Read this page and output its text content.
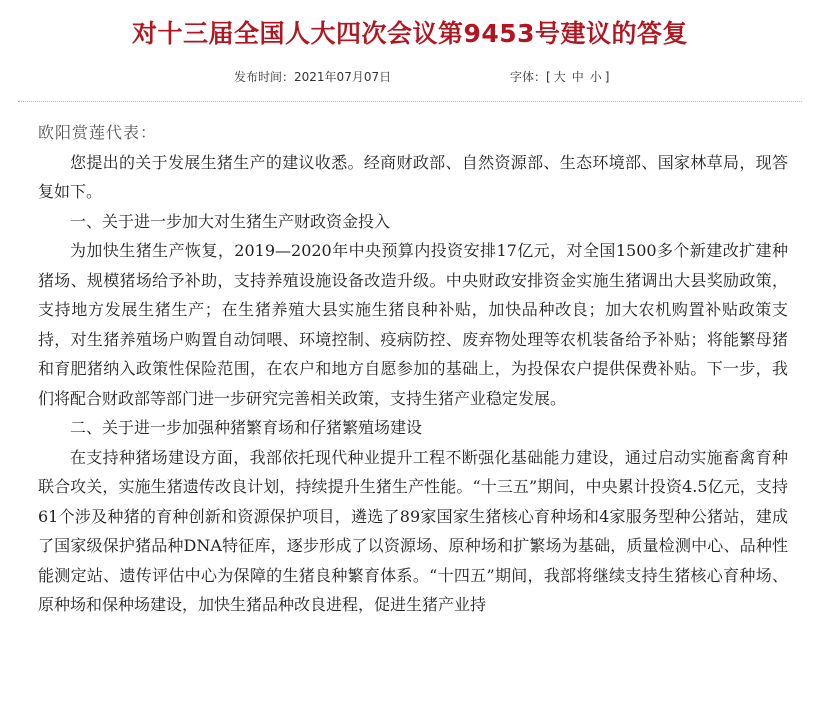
对十三届全国人大四次会议第9453号建议的答复
发布时间：2021年07月07日	字体：[ 大 中 小 ]

欧阳赏莲代表：

您提出的关于发展生猪生产的建议收悉。经商财政部、自然资源部、生态环境部、国家林草局，现答复如下。

一、关于进一步加大对生猪生产财政资金投入

为加快生猪生产恢复，2019—2020年中央预算内投资安排17亿元，对全国1500多个新建改扩建种猪场、规模猪场给予补助，支持养殖设施设备改造升级。中央财政安排资金实施生猪调出大县奖励政策，支持地方发展生猪生产；在生猪养殖大县实施生猪良种补贴，加快品种改良；加大农机购置补贴政策支持，对生猪养殖场户购置自动饲喂、环境控制、疫病防控、废弃物处理等农机装备给予补贴；将能繁母猪和育肥猪纳入政策性保险范围，在农户和地方自愿参加的基础上，为投保农户提供保费补贴。下一步，我们将配合财政部等部门进一步研究完善相关政策，支持生猪产业稳定发展。

二、关于进一步加强种猪繁育场和仔猪繁殖场建设

在支持种猪场建设方面，我部依托现代种业提升工程不断强化基础能力建设，通过启动实施畜禽育种联合攻关，实施生猪遗传改良计划，持续提升生猪生产性能。“十三五”期间，中央累计投资4.5亿元，支持61个涉及种猪的育种创新和资源保护项目，遴选了89家国家生猪核心育种场和4家服务型种公猪站，建成了国家级保护猪品种DNA特征库，逐步形成了以资源场、原种场和扩繁场为基础，质量检测中心、品种性能测定站、遗传评估中心为保障的生猪良种繁育体系。“十四五”期间，我部将继续支持生猪核心育种场、原种场和保种场建设，加快生猪品种改良进程，促进生猪产业持
